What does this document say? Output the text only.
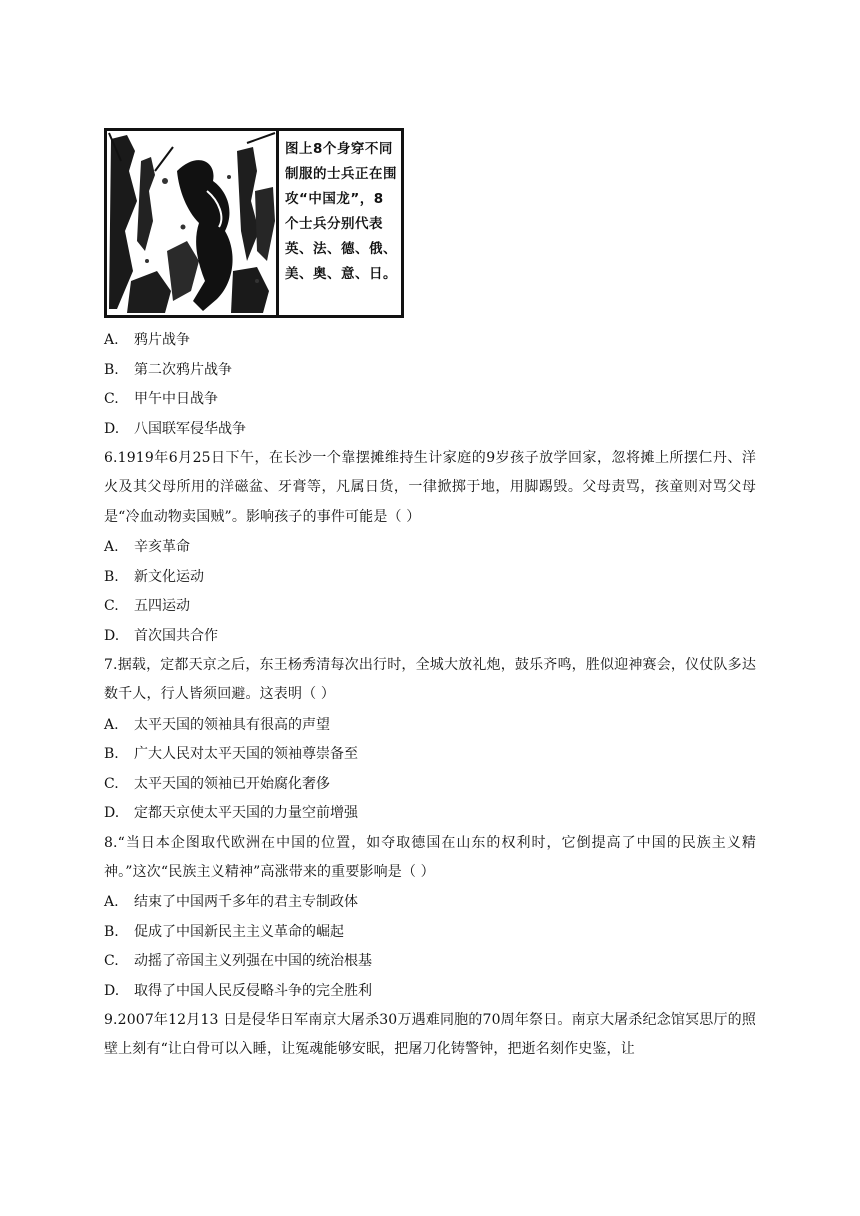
图上8个身穿不同制服的士兵正在围攻“中国龙”，8个士兵分别代表英、法、德、俄、美、奥、意、日。
A. 鸦片战争
B. 第二次鸦片战争
C. 甲午中日战争
D. 八国联军侵华战争
6.1919年6月25日下午，在长沙一个靠摆摊维持生计家庭的9岁孩子放学回家，忽将摊上所摆仁丹、洋火及其父母所用的洋磁盆、牙膏等，凡属日货，一律掀掷于地，用脚踢毁。父母责骂，孩童则对骂父母是“冷血动物卖国贼”。影响孩子的事件可能是（ ）
A. 辛亥革命
B. 新文化运动
C. 五四运动
D. 首次国共合作
7.据载，定都天京之后，东王杨秀清每次出行时，全城大放礼炮，鼓乐齐鸣，胜似迎神赛会，仪仗队多达数千人，行人皆须回避。这表明（ ）
A. 太平天国的领袖具有很高的声望
B. 广大人民对太平天国的领袖尊崇备至
C. 太平天国的领袖已开始腐化奢侈
D. 定都天京使太平天国的力量空前增强
8.“当日本企图取代欧洲在中国的位置，如夺取德国在山东的权利时，它倒提高了中国的民族主义精神。”这次“民族主义精神”高涨带来的重要影响是（ ）
A. 结束了中国两千多年的君主专制政体
B. 促成了中国新民主主义革命的崛起
C. 动摇了帝国主义列强在中国的统治根基
D. 取得了中国人民反侵略斗争的完全胜利
9.2007年12月13 日是侵华日军南京大屠杀30万遇难同胞的70周年祭日。南京大屠杀纪念馆冥思厅的照壁上刻有“让白骨可以入睡，让冤魂能够安眠，把屠刀化铸警钟，把逝名刻作史鉴，让
